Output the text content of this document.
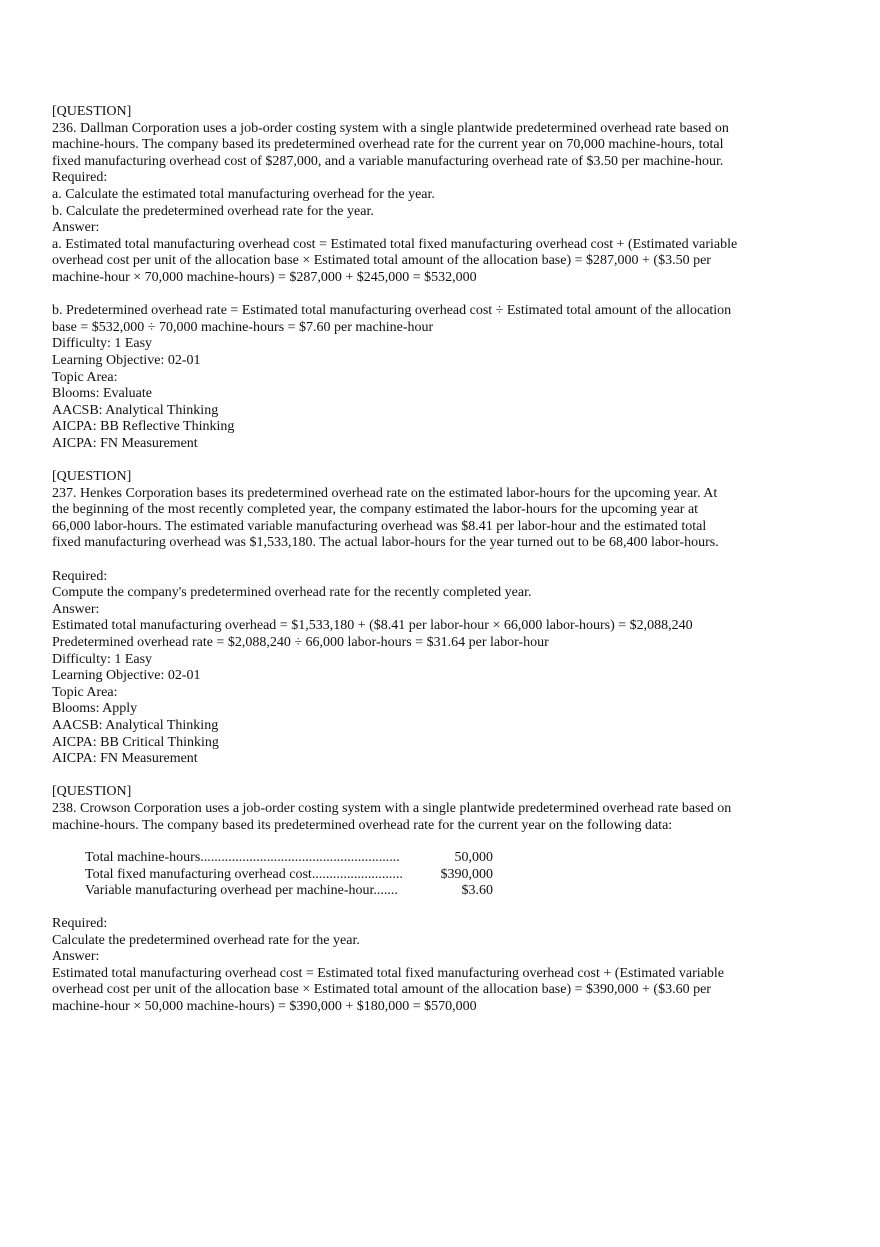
[QUESTION]
236. Dallman Corporation uses a job-order costing system with a single plantwide predetermined overhead rate based on
machine-hours. The company based its predetermined overhead rate for the current year on 70,000 machine-hours, total
fixed manufacturing overhead cost of $287,000, and a variable manufacturing overhead rate of $3.50 per machine-hour.
Required:
a. Calculate the estimated total manufacturing overhead for the year.
b. Calculate the predetermined overhead rate for the year.
Answer:
a. Estimated total manufacturing overhead cost = Estimated total fixed manufacturing overhead cost + (Estimated variable
overhead cost per unit of the allocation base × Estimated total amount of the allocation base) = $287,000 + ($3.50 per
machine-hour × 70,000 machine-hours) = $287,000 + $245,000 = $532,000
b. Predetermined overhead rate = Estimated total manufacturing overhead cost ÷ Estimated total amount of the allocation
base = $532,000 ÷ 70,000 machine-hours = $7.60 per machine-hour
Difficulty: 1 Easy
Learning Objective: 02-01
Topic Area:
Blooms: Evaluate
AACSB: Analytical Thinking
AICPA: BB Reflective Thinking
AICPA: FN Measurement
[QUESTION]
237. Henkes Corporation bases its predetermined overhead rate on the estimated labor-hours for the upcoming year. At
the beginning of the most recently completed year, the company estimated the labor-hours for the upcoming year at
66,000 labor-hours. The estimated variable manufacturing overhead was $8.41 per labor-hour and the estimated total
fixed manufacturing overhead was $1,533,180. The actual labor-hours for the year turned out to be 68,400 labor-hours.
Required:
Compute the company's predetermined overhead rate for the recently completed year.
Answer:
Estimated total manufacturing overhead = $1,533,180 + ($8.41 per labor-hour × 66,000 labor-hours) = $2,088,240
Predetermined overhead rate = $2,088,240 ÷ 66,000 labor-hours = $31.64 per labor-hour
Difficulty: 1 Easy
Learning Objective: 02-01
Topic Area:
Blooms: Apply
AACSB: Analytical Thinking
AICPA: BB Critical Thinking
AICPA: FN Measurement
[QUESTION]
238. Crowson Corporation uses a job-order costing system with a single plantwide predetermined overhead rate based on
machine-hours. The company based its predetermined overhead rate for the current year on the following data:
Total machine-hours.........................................................	50,000
Total fixed manufacturing overhead cost..........................	$390,000
Variable manufacturing overhead per machine-hour.......	$3.60
Required:
Calculate the predetermined overhead rate for the year.
Answer:
Estimated total manufacturing overhead cost = Estimated total fixed manufacturing overhead cost + (Estimated variable
overhead cost per unit of the allocation base × Estimated total amount of the allocation base) = $390,000 + ($3.60 per
machine-hour × 50,000 machine-hours) = $390,000 + $180,000 = $570,000
